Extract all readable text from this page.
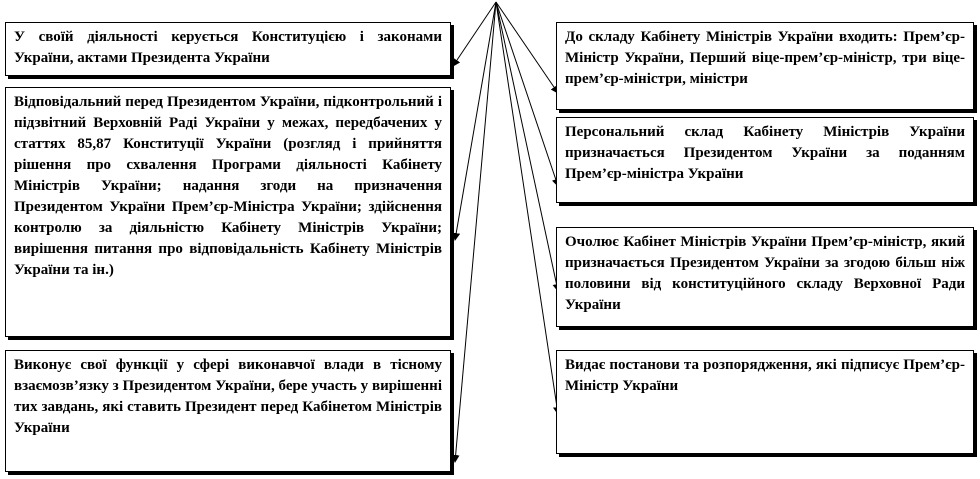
У своїй діяльності керується Конституцією і законами України, актами Президента України

Відповідальний перед Президентом України, підконтрольний і підзвітний Верховній Раді України у межах, передбачених у статтях 85,87 Конституції України (розгляд і прийняття рішення про схвалення Програми діяльності Кабінету Міністрів України; надання згоди на призначення Президентом України Прем’єр-Міністра України; здійснення контролю за діяльністю Кабінету Міністрів України; вирішення питання про відповідальність Кабінету Міністрів України та ін.)

Виконує свої функції у сфері виконавчої влади в тісному взаємозв’язку з Президентом України, бере участь у вирішенні тих завдань, які ставить Президент перед Кабінетом Міністрів України

До складу Кабінету Міністрів України входить: Прем’єр-Міністр України, Перший віце-прем’єр-міністр, три віце-прем’єр-міністри, міністри

Персональний склад Кабінету Міністрів України призначається Президентом України за поданням Прем’єр-міністра України

Очолює Кабінет Міністрів України Прем’єр-міністр, який призначається Президентом України за згодою більш ніж половини від конституційного складу Верховної Ради України

Видає постанови та розпорядження, які підписує Прем’єр-Міністр України
